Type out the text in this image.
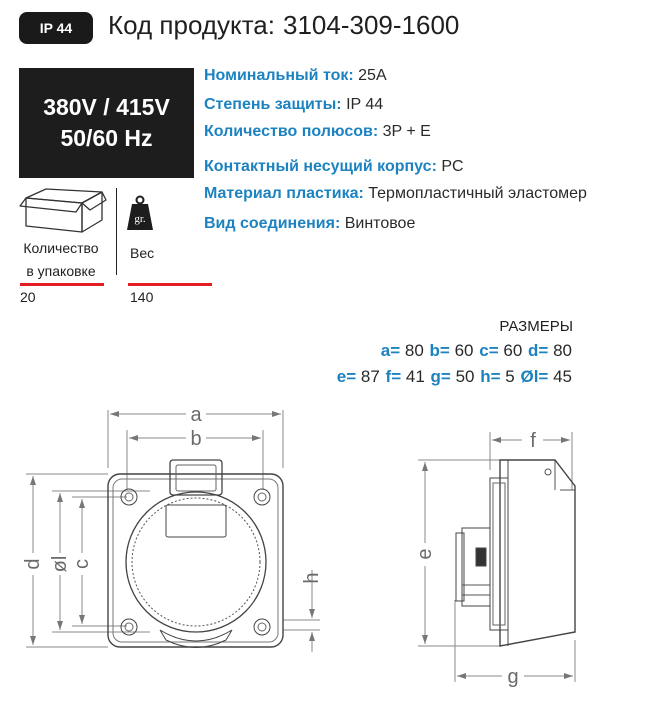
IP 44	Код продукта: 3104-309-1600
380V / 415V
50/60 Hz
Номинальный ток: 25A
Степень защиты: IP 44
Количество полюсов: 3P + E
Контактный несущий корпус: PC
Материал пластика: Термопластичный эластомер
Вид соединения: Винтовое
gr.
Количество
в упаковке
Вес
20	140
РАЗМЕРЫ
a= 80 b= 60 c= 60 d= 80
e= 87 f= 41 g= 50 h= 5 Øl= 45
a
b
d øl c
h
f
e
g
